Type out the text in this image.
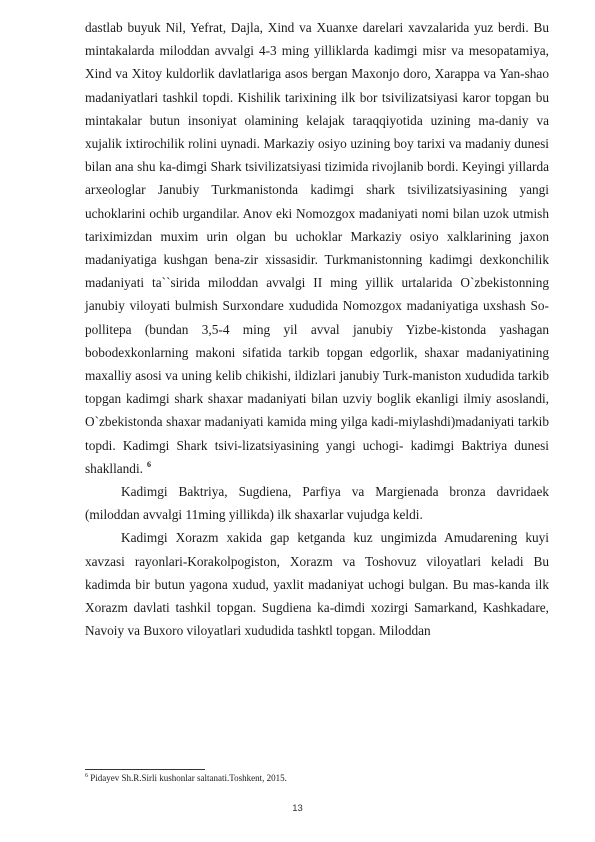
dastlab buyuk Nil, Yefrat, Dajla, Xind va Xuanxe darelari xavzalarida yuz berdi. Bu mintakalarda miloddan avvalgi 4-3 ming yilliklarda kadimgi misr va mesopatamiya, Xind va Xitoy kuldorlik davlatlariga asos bergan Maxonjo doro, Xarappa va Yan-shao madaniyatlari tashkil topdi. Kishilik tarixining ilk bor tsivilizatsiyasi karor topgan bu mintakalar butun insoniyat olamining kelajak taraqqiyotida uzining ma-daniy va xujalik ixtirochilik rolini uynadi. Markaziy osiyo uzining boy tarixi va madaniy dunesi bilan ana shu ka-dimgi Shark tsivilizatsiyasi tizimida rivojlanib bordi. Keyingi yillarda arxeologlar Janubiy Turkmanistonda kadimgi shark tsivilizatsiyasining yangi uchoklarini ochib urgandilar. Anov eki Nomozgox madaniyati nomi bilan uzok utmish tariximizdan muxim urin olgan bu uchoklar Markaziy osiyo xalklarining jaxon madaniyatiga kushgan bena-zir xissasidir. Turkmanistonning kadimgi dexkonchilik madaniyati ta``sirida miloddan avvalgi II ming yillik urtalarida O`zbekistonning janubiy viloyati bulmish Surxondare xududida Nomozgox madaniyatiga uxshash So-pollitepa (bundan 3,5-4 ming yil avval janubiy Yizbe-kistonda yashagan bobodexkonlarning makoni sifatida tarkib topgan edgorlik, shaxar madaniyatining maxalliy asosi va uning kelib chikishi, ildizlari janubiy Turk-maniston xududida tarkib topgan kadimgi shark shaxar madaniyati bilan uzviy boglik ekanligi ilmiy asoslandi, O`zbekistonda shaxar madaniyati kamida ming yilga kadi-miylashdi)madaniyati tarkib topdi. Kadimgi Shark tsivi-lizatsiyasining yangi uchogi- kadimgi Baktriya dunesi shakllandi. $^6$

Kadimgi Baktriya, Sugdiena, Parfiya va Margienada bronza davridaek (miloddan avvalgi 11ming yillikda) ilk shaxarlar vujudga keldi.

Kadimgi Xorazm xakida gap ketganda kuz ungimizda Amudarening kuyi xavzasi rayonlari-Korakolpogiston, Xorazm va Toshovuz viloyatlari keladi Bu kadimda bir butun yagona xudud, yaxlit madaniyat uchogi bulgan. Bu mas-kanda ilk Xorazm davlati tashkil topgan. Sugdiena ka-dimdi xozirgi Samarkand, Kashkadare, Navoiy va Buxoro viloyatlari xududida tashktl topgan. Miloddan

$^6$ Pidayev Sh.R.Sirli kushonlar saltanati.Toshkent, 2015.

13
